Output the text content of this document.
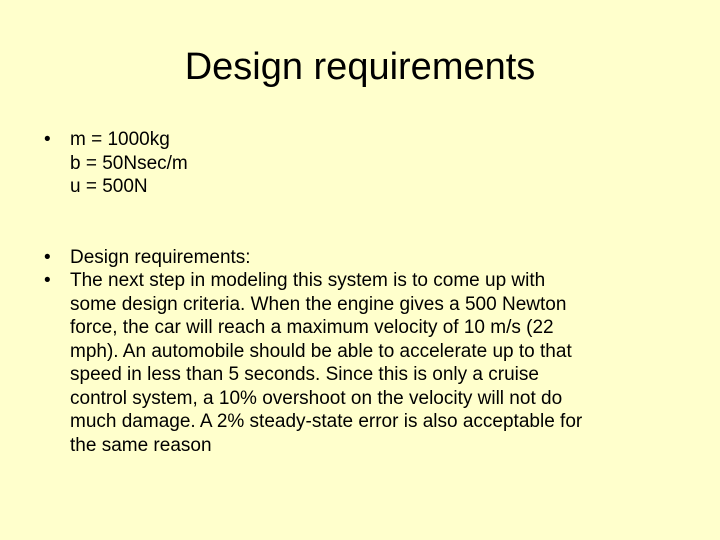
Design requirements
•	m = 1000kg
b = 50Nsec/m
u = 500N
•	Design requirements:
•	The next step in modeling this system is to come up with
some design criteria. When the engine gives a 500 Newton
force, the car will reach a maximum velocity of 10 m/s (22
mph). An automobile should be able to accelerate up to that
speed in less than 5 seconds. Since this is only a cruise
control system, a 10% overshoot on the velocity will not do
much damage. A 2% steady-state error is also acceptable for
the same reason
